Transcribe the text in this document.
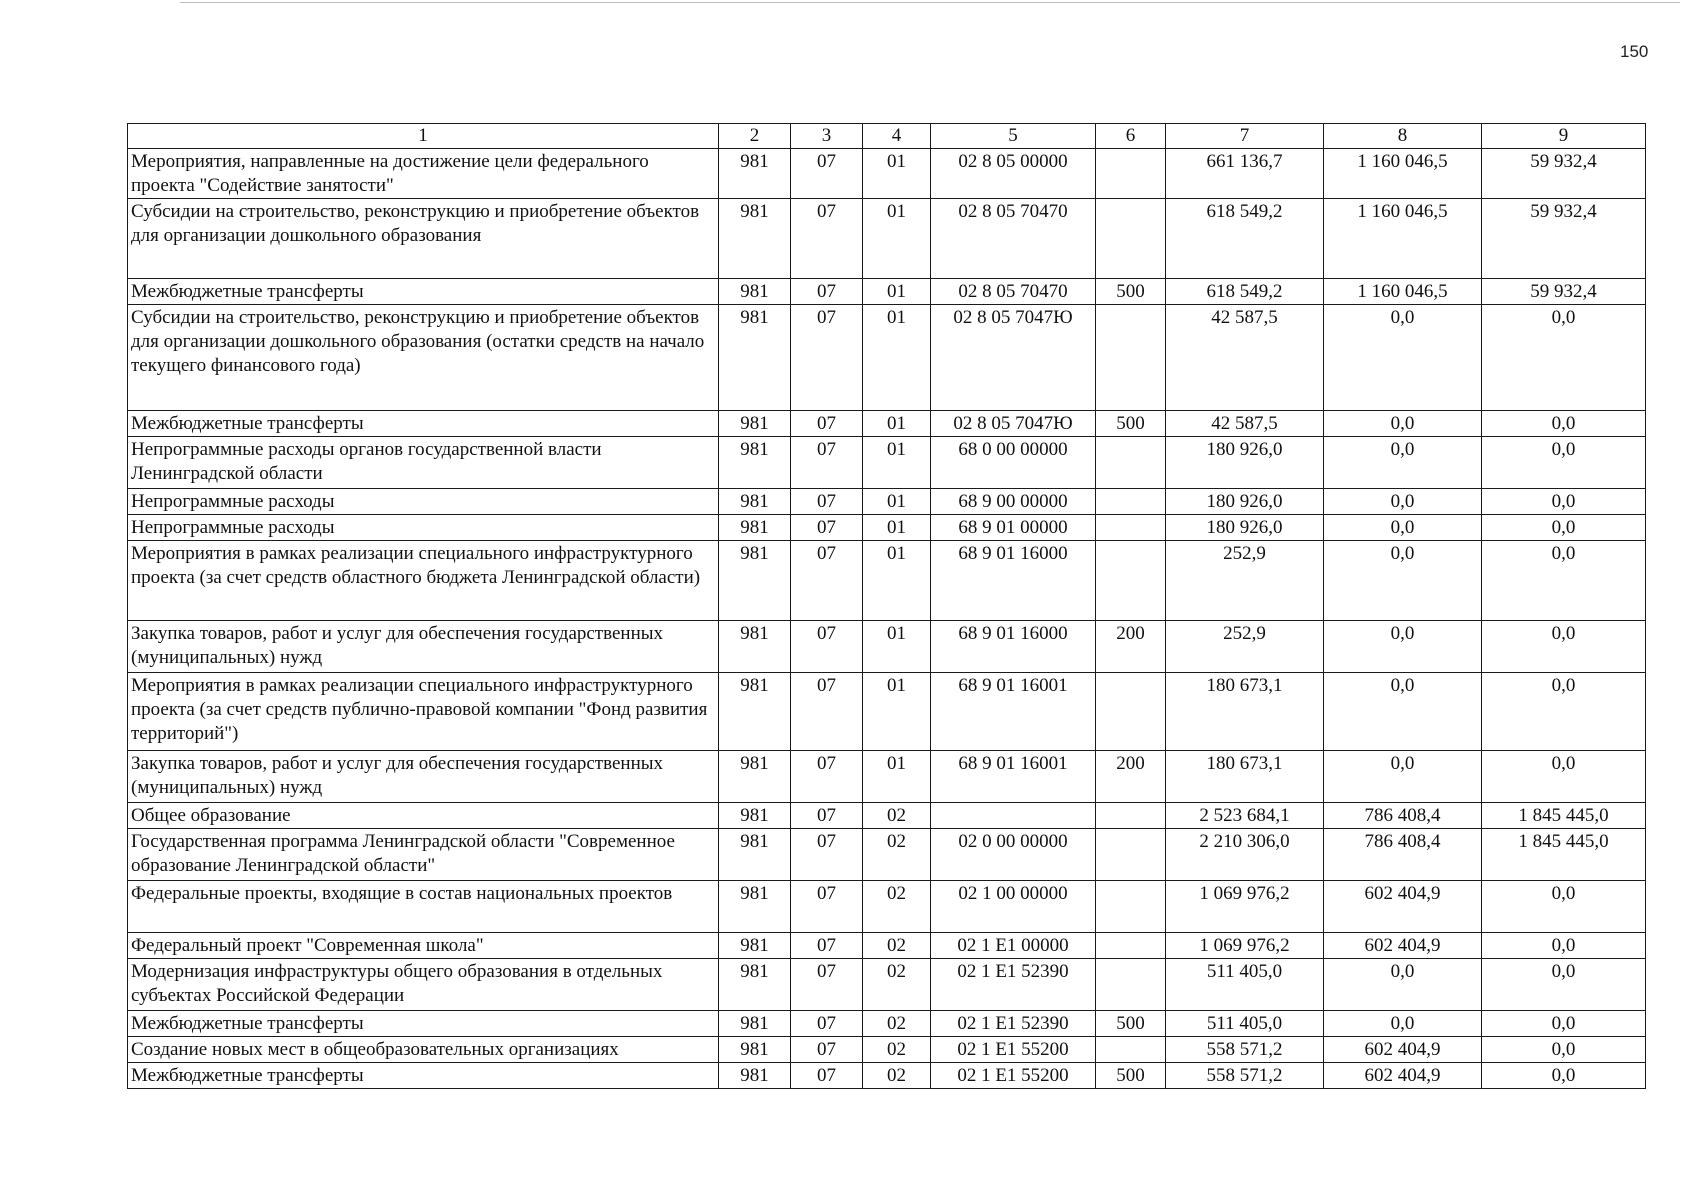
150
1	2	3	4	5	6	7	8	9
Мероприятия, направленные на достижение цели федерального проекта "Содействие занятости"	981	07	01	02 8 05 00000		661 136,7	1 160 046,5	59 932,4
Субсидии на строительство, реконструкцию и приобретение объектов для организации дошкольного образования	981	07	01	02 8 05 70470		618 549,2	1 160 046,5	59 932,4
Межбюджетные трансферты	981	07	01	02 8 05 70470	500	618 549,2	1 160 046,5	59 932,4
Субсидии на строительство, реконструкцию и приобретение объектов для организации дошкольного образования (остатки средств на начало текущего финансового года)	981	07	01	02 8 05 7047Ю		42 587,5	0,0	0,0
Межбюджетные трансферты	981	07	01	02 8 05 7047Ю	500	42 587,5	0,0	0,0
Непрограммные расходы органов государственной власти Ленинградской области	981	07	01	68 0 00 00000		180 926,0	0,0	0,0
Непрограммные расходы	981	07	01	68 9 00 00000		180 926,0	0,0	0,0
Непрограммные расходы	981	07	01	68 9 01 00000		180 926,0	0,0	0,0
Мероприятия в рамках реализации специального инфраструктурного проекта (за счет средств областного бюджета Ленинградской области)	981	07	01	68 9 01 16000		252,9	0,0	0,0
Закупка товаров, работ и услуг для обеспечения государственных (муниципальных) нужд	981	07	01	68 9 01 16000	200	252,9	0,0	0,0
Мероприятия в рамках реализации специального инфраструктурного проекта (за счет средств публично-правовой компании "Фонд развития территорий")	981	07	01	68 9 01 16001		180 673,1	0,0	0,0
Закупка товаров, работ и услуг для обеспечения государственных (муниципальных) нужд	981	07	01	68 9 01 16001	200	180 673,1	0,0	0,0
Общее образование	981	07	02			2 523 684,1	786 408,4	1 845 445,0
Государственная программа Ленинградской области "Современное образование Ленинградской области"	981	07	02	02 0 00 00000		2 210 306,0	786 408,4	1 845 445,0
Федеральные проекты, входящие в состав национальных проектов	981	07	02	02 1 00 00000		1 069 976,2	602 404,9	0,0
Федеральный проект "Современная школа"	981	07	02	02 1 E1 00000		1 069 976,2	602 404,9	0,0
Модернизация инфраструктуры общего образования в отдельных субъектах Российской Федерации	981	07	02	02 1 E1 52390		511 405,0	0,0	0,0
Межбюджетные трансферты	981	07	02	02 1 E1 52390	500	511 405,0	0,0	0,0
Создание новых мест в общеобразовательных организациях	981	07	02	02 1 E1 55200		558 571,2	602 404,9	0,0
Межбюджетные трансферты	981	07	02	02 1 E1 55200	500	558 571,2	602 404,9	0,0
